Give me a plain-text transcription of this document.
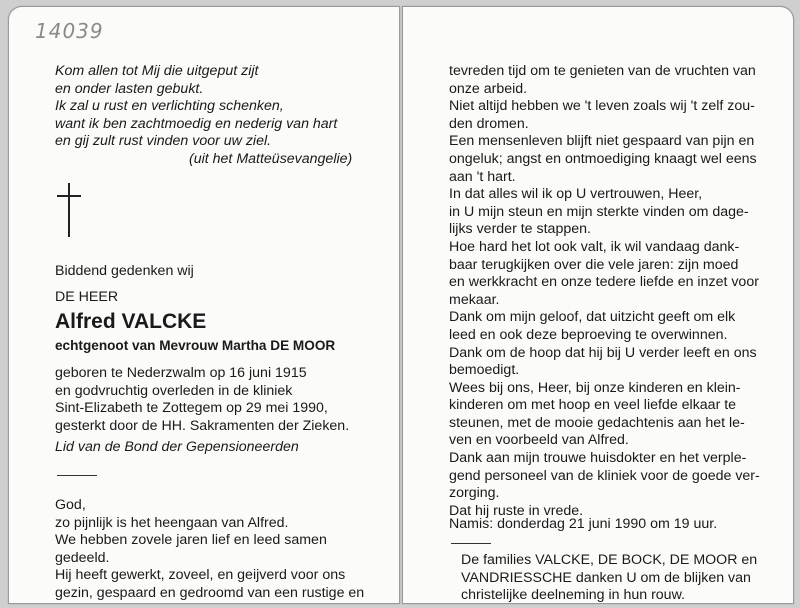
14039
Kom allen tot Mij die uitgeput zijt
en onder lasten gebukt.
Ik zal u rust en verlichting schenken,
want ik ben zachtmoedig en nederig van hart
en gij zult rust vinden voor uw ziel.
(uit het Matteüsevangelie)
Biddend gedenken wij
DE HEER
Alfred VALCKE
echtgenoot van Mevrouw Martha DE MOOR
geboren te Nederzwalm op 16 juni 1915
en godvruchtig overleden in de kliniek
Sint-Elizabeth te Zottegem op 29 mei 1990,
gesterkt door de HH. Sakramenten der Zieken.
Lid van de Bond der Gepensioneerden
God,
zo pijnlijk is het heengaan van Alfred.
We hebben zovele jaren lief en leed samen
gedeeld.
Hij heeft gewerkt, zoveel, en geijverd voor ons
gezin, gespaard en gedroomd van een rustige en
tevreden tijd om te genieten van de vruchten van
onze arbeid.
Niet altijd hebben we 't leven zoals wij 't zelf zou-
den dromen.
Een mensenleven blijft niet gespaard van pijn en
ongeluk; angst en ontmoediging knaagt wel eens
aan 't hart.
In dat alles wil ik op U vertrouwen, Heer,
in U mijn steun en mijn sterkte vinden om dage-
lijks verder te stappen.
Hoe hard het lot ook valt, ik wil vandaag dank-
baar terugkijken over die vele jaren: zijn moed
en werkkracht en onze tedere liefde en inzet voor
mekaar.
Dank om mijn geloof, dat uitzicht geeft om elk
leed en ook deze beproeving te overwinnen.
Dank om de hoop dat hij bij U verder leeft en ons
bemoedigt.
Wees bij ons, Heer, bij onze kinderen en klein-
kinderen om met hoop en veel liefde elkaar te
steunen, met de mooie gedachtenis aan het le-
ven en voorbeeld van Alfred.
Dank aan mijn trouwe huisdokter en het verple-
gend personeel van de kliniek voor de goede ver-
zorging.
Dat hij ruste in vrede.
Namis: donderdag 21 juni 1990 om 19 uur.
De families VALCKE, DE BOCK, DE MOOR en
VANDRIESSCHE danken U om de blijken van
christelijke deelneming in hun rouw.
